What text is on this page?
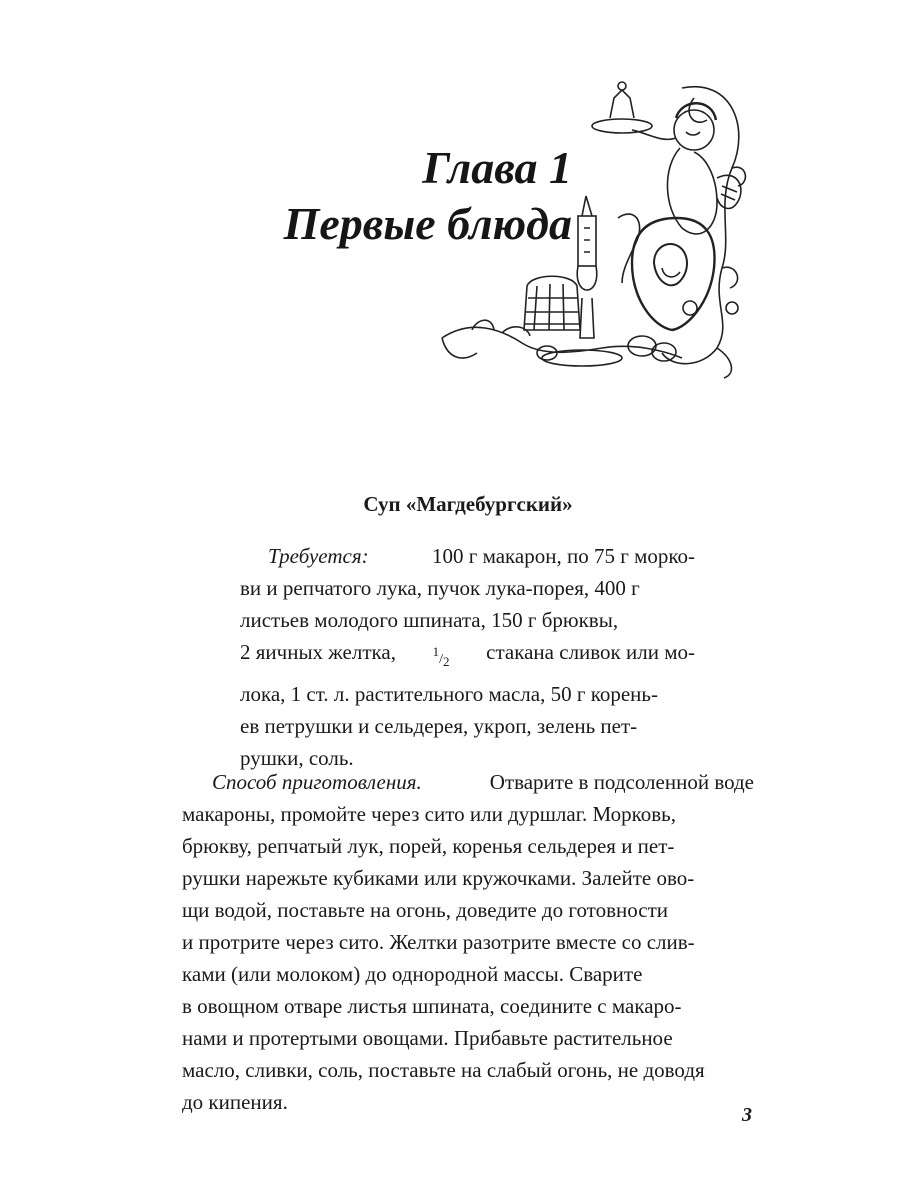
Глава 1
Первые блюда
Суп «Магдебургский»
Требуется:	100 г макарон, по 75 г морко-
ви и репчатого лука, пучок лука-порея, 400 г
листьев молодого шпината, 150 г брюквы,
2 яичных желтка,	$^1/_2$ стакана сливок или мо-
лока, 1 ст. л. растительного масла, 50 г корень-
ев петрушки и сельдерея, укроп, зелень пет-
рушки, соль.
Способ приготовления.	Отварите в подсоленной воде
макароны, промойте через сито или дуршлаг. Морковь,
брюкву, репчатый лук, порей, коренья сельдерея и пет-
рушки нарежьте кубиками или кружочками. Залейте ово-
щи водой, поставьте на огонь, доведите до готовности
и протрите через сито. Желтки разотрите вместе со слив-
ками (или молоком) до однородной массы. Сварите
в овощном отваре листья шпината, соедините с макаро-
нами и протертыми овощами. Прибавьте растительное
масло, сливки, соль, поставьте на слабый огонь, не доводя
до кипения.
3
